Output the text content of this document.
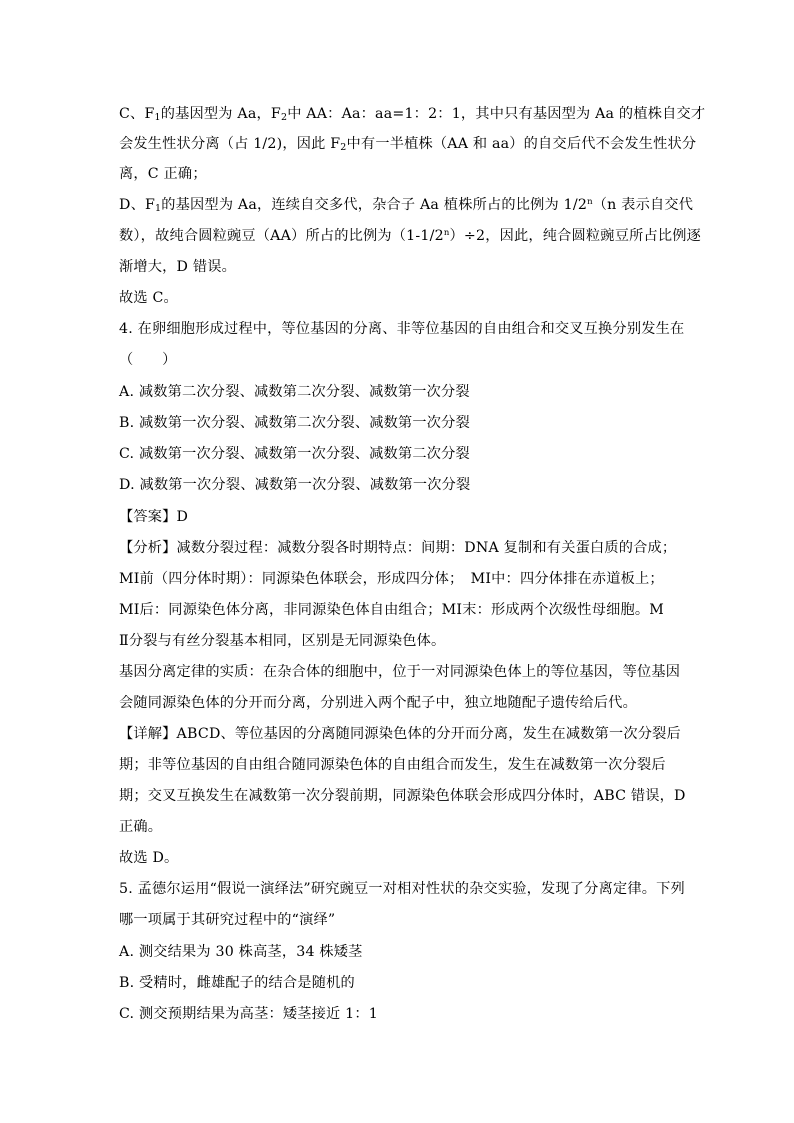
C、$F_1$的基因型为 Aa，$F_2$中 AA：Aa：aa=1：2：1，其中只有基因型为 Aa 的植株自交才
会发生性状分离（占 1/2)，因此 $F_2$中有一半植株（AA 和 aa）的自交后代不会发生性状分
离，C 正确；
D、$F_1$的基因型为 Aa，连续自交多代，杂合子 Aa 植株所占的比例为 1/2$^n$（n 表示自交代
数），故纯合圆粒豌豆（AA）所占的比例为$(1-1/2^n)\div 2$，因此，纯合圆粒豌豆所占比例逐
渐增大，D 错误。
故选 C。
4. 在卵细胞形成过程中，等位基因的分离、非等位基因的自由组合和交叉互换分别发生在
（　　）
A. 减数第二次分裂、减数第二次分裂、减数第一次分裂
B. 减数第一次分裂、减数第二次分裂、减数第一次分裂
C. 减数第一次分裂、减数第一次分裂、减数第二次分裂
D. 减数第一次分裂、减数第一次分裂、减数第一次分裂
【答案】D
【分析】减数分裂过程：减数分裂各时期特点：间期：DNA 复制和有关蛋白质的合成；
MⅠ前（四分体时期）：同源染色体联会，形成四分体；　MⅠ中：四分体排在赤道板上；
MⅠ后：同源染色体分离，非同源染色体自由组合；MⅠ末：形成两个次级性母细胞。M
Ⅱ分裂与有丝分裂基本相同，区别是无同源染色体。
基因分离定律的实质：在杂合体的细胞中，位于一对同源染色体上的等位基因，等位基因
会随同源染色体的分开而分离，分别进入两个配子中，独立地随配子遗传给后代。
【详解】ABCD、等位基因的分离随同源染色体的分开而分离，发生在减数第一次分裂后
期；非等位基因的自由组合随同源染色体的自由组合而发生，发生在减数第一次分裂后
期；交叉互换发生在减数第一次分裂前期，同源染色体联会形成四分体时，ABC 错误，D
正确。
故选 D。
5. 孟德尔运用“假说一演绎法”研究豌豆一对相对性状的杂交实验，发现了分离定律。下列
哪一项属于其研究过程中的“演绎”
A. 测交结果为 30 株高茎，34 株矮茎
B. 受精时，雌雄配子的结合是随机的
C. 测交预期结果为高茎：矮茎接近 1：1
